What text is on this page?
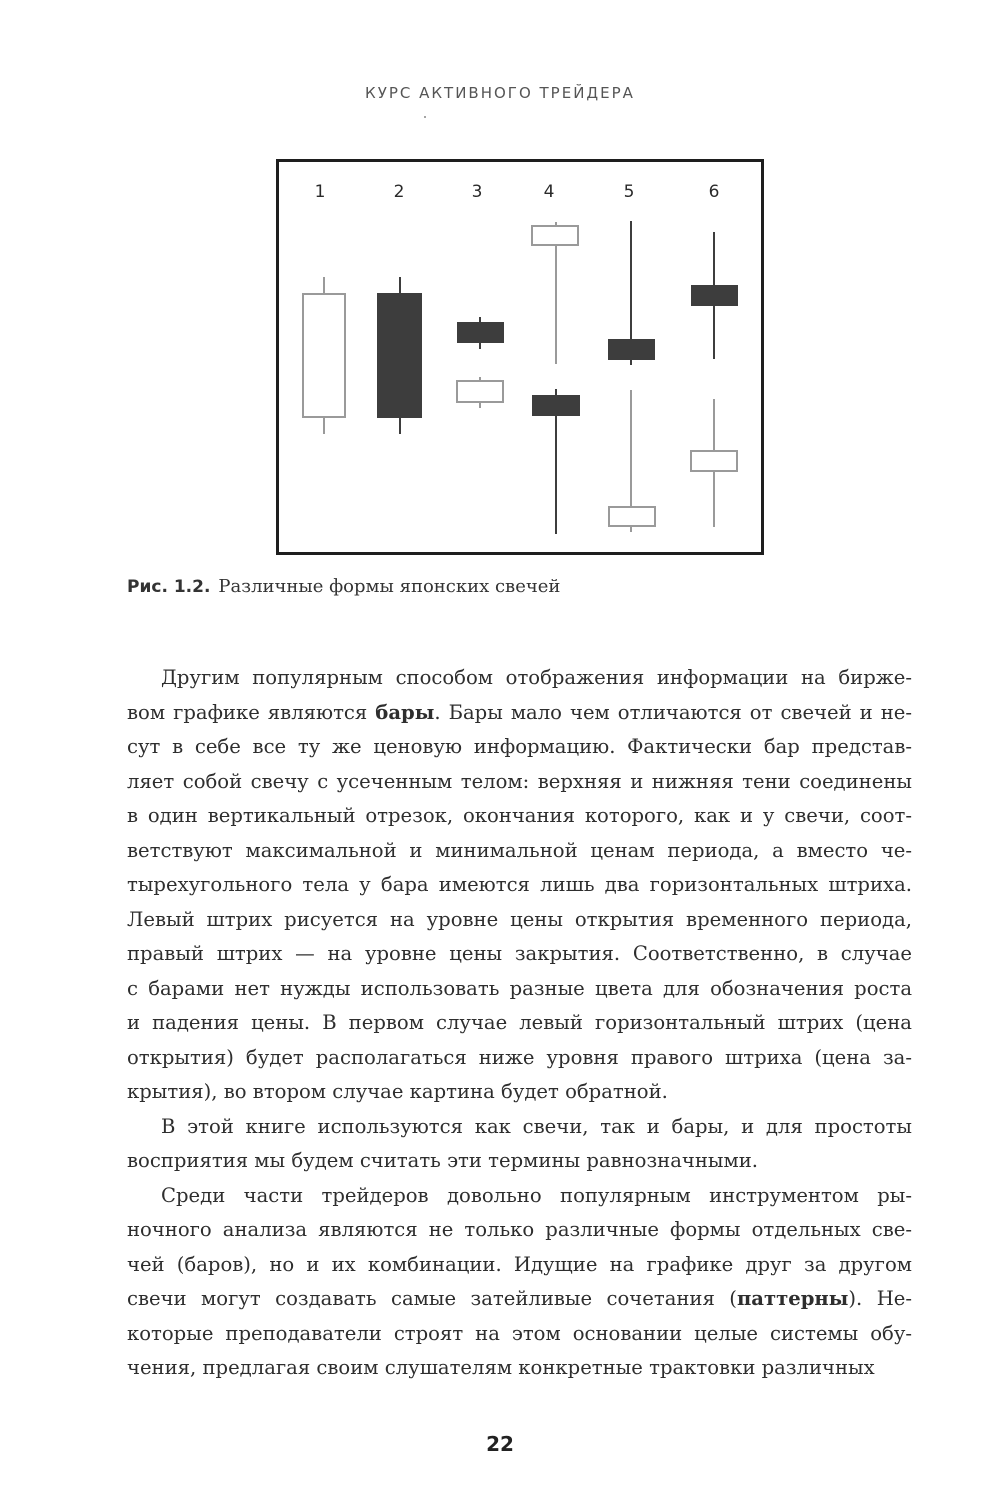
КУРС АКТИВНОГО ТРЕЙДЕРА
1	2	3	4	5	6
Рис. 1.2. Различные формы японских свечей

Другим популярным способом отображения информации на бирже-

вом графике являются бары. Бары мало чем отличаются от свечей и не-

сут в себе все ту же ценовую информацию. Фактически бар представ-

ляет собой свечу с усеченным телом: верхняя и нижняя тени соединены

в один вертикальный отрезок, окончания которого, как и у свечи, соот-

ветствуют максимальной и минимальной ценам периода, а вместо че-

тырехугольного тела у бара имеются лишь два горизонтальных штриха.

Левый штрих рисуется на уровне цены открытия временного периода,

правый штрих — на уровне цены закрытия. Соответственно, в случае

с барами нет нужды использовать разные цвета для обозначения роста

и падения цены. В первом случае левый горизонтальный штрих (цена

открытия) будет располагаться ниже уровня правого штриха (цена за-

крытия), во втором случае картина будет обратной.

В этой книге используются как свечи, так и бары, и для простоты

восприятия мы будем считать эти термины равнозначными.

Среди части трейдеров довольно популярным инструментом ры-

ночного анализа являются не только различные формы отдельных све-

чей (баров), но и их комбинации. Идущие на графике друг за другом

свечи могут создавать самые затейливые сочетания (паттерны). Не-

которые преподаватели строят на этом основании целые системы обу-

чения, предлагая своим слушателям конкретные трактовки различных

22
